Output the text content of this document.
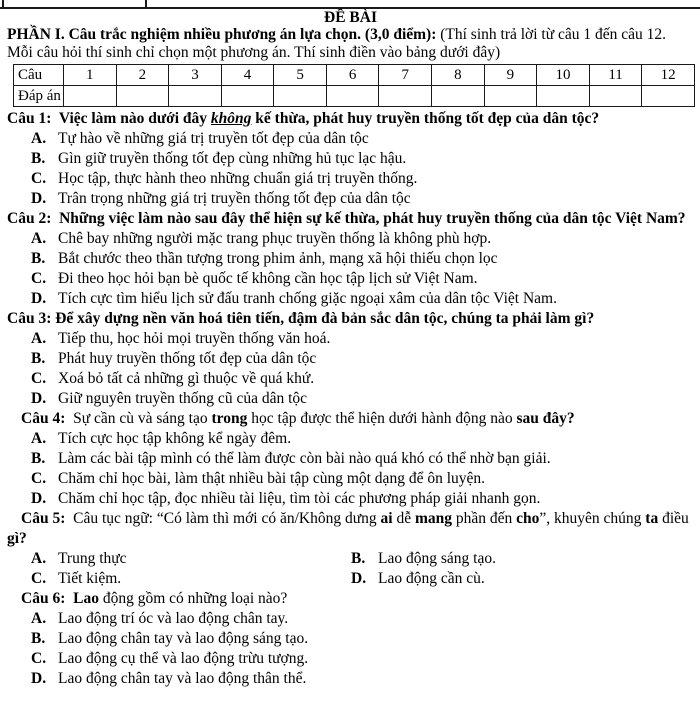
ĐỀ BÀI

PHẦN I. Câu trắc nghiệm nhiều phương án lựa chọn. (3,0 điểm): (Thí sinh trả lời từ câu 1 đến câu 12. Mỗi câu hỏi thí sinh chỉ chọn một phương án. Thí sinh điền vào bảng dưới đây)

Câu	1	2	3	4	5	6	7	8	9	10	11	12
Đáp án												
Câu 1:  Việc làm nào dưới đây không kế thừa, phát huy truyền thống tốt đẹp của dân tộc?
A. Tự hào về những giá trị truyền tốt đẹp của dân tộc
B. Gìn giữ truyền thống tốt đẹp cùng những hủ tục lạc hậu.
C. Học tập, thực hành theo những chuẩn giá trị truyền thống.
D. Trân trọng những giá trị truyền thống tốt đẹp của dân tộc
Câu 2:  Những việc làm nào sau đây thể hiện sự kế thừa, phát huy truyền thống của dân tộc Việt Nam?
A. Chê bay những người mặc trang phục truyền thống là không phù hợp.
B. Bắt chước theo thần tượng trong phim ảnh, mạng xã hội thiếu chọn lọc
C. Đi theo học hỏi bạn bè quốc tế không cần học tập lịch sử Việt Nam.
D. Tích cực tìm hiểu lịch sử đấu tranh chống giặc ngoại xâm của dân tộc Việt Nam.
Câu 3: Để xây dựng nền văn hoá tiên tiến, đậm đà bản sắc dân tộc, chúng ta phải làm gì?
A. Tiếp thu, học hỏi mọi truyền thống văn hoá.
B. Phát huy truyền thống tốt đẹp của dân tộc
C. Xoá bỏ tất cả những gì thuộc về quá khứ.
D. Giữ nguyên truyền thống cũ của dân tộc
Câu 4:  Sự cần cù và sáng tạo trong học tập được thể hiện dưới hành động nào sau đây?
A. Tích cực học tập không kể ngày đêm.
B. Làm các bài tập mình có thể làm được còn bài nào quá khó có thể nhờ bạn giải.
C. Chăm chỉ học bài, làm thật nhiều bài tập cùng một dạng để ôn luyện.
D. Chăm chỉ học tập, đọc nhiều tài liệu, tìm tòi các phương pháp giải nhanh gọn.
Câu 5:  Câu tục ngữ: “Có làm thì mới có ăn/Không dưng ai dễ mang phần đến cho”, khuyên chúng ta điều gì?
A. Trung thực	B. Lao động sáng tạo.
C. Tiết kiệm.	D. Lao động cần cù.
Câu 6:  Lao động gồm có những loại nào?
A. Lao động trí óc và lao động chân tay.
B. Lao động chân tay và lao động sáng tạo.
C. Lao động cụ thể và lao động trừu tượng.
D. Lao động chân tay và lao động thân thể.
